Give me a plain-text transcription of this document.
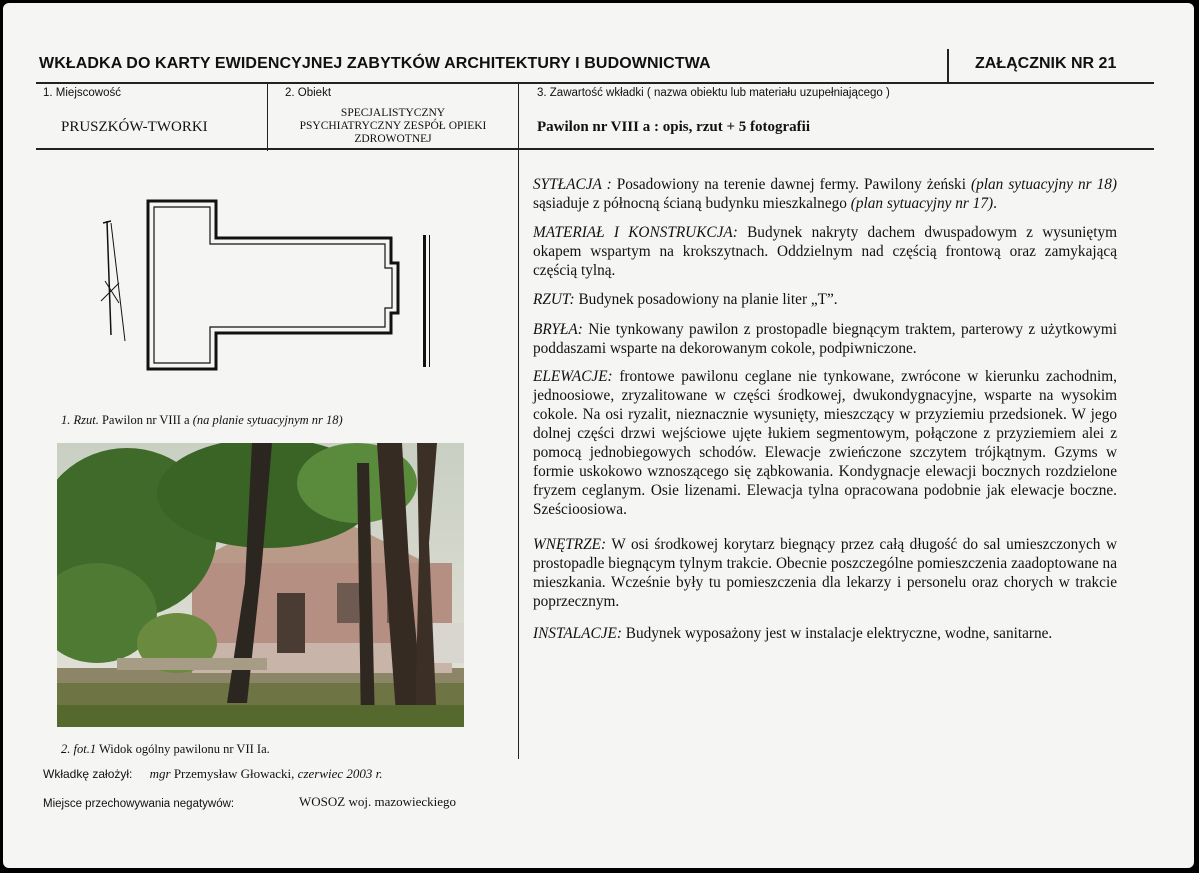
WKŁADKA DO KARTY EWIDENCYJNEJ ZABYTKÓW ARCHITEKTURY I BUDOWNICTWA	ZAŁĄCZNIK NR 21
1. Miejscowość
PRUSZKÓW-TWORKI
2. Obiekt
SPECJALISTYCZNY
PSYCHIATRYCZNY ZESPÓŁ OPIEKI
ZDROWOTNEJ
3. Zawartość wkładki ( nazwa obiektu lub materiału uzupełniającego )
Pawilon nr VIII a : opis, rzut + 5 fotografii
1. Rzut. Pawilon nr VIII a (na planie sytuacyjnym nr 18)
2. fot.1 Widok ogólny pawilonu nr VII Ia.
Wkładkę założył: mgr Przemysław Głowacki, czerwiec 2003 r.
Miejsce przechowywania negatywów:	WOSOZ woj. mazowieckiego
SYTŁACJA : Posadowiony na terenie dawnej fermy. Pawilony żeński (plan sytuacyjny nr 18) sąsiaduje z północną ścianą budynku mieszkalnego (plan sytuacyjny nr 17).
MATERIAŁ I KONSTRUKCJA: Budynek nakryty dachem dwuspadowym z wysuniętym okapem wspartym na krokszytnach. Oddzielnym nad częścią frontową oraz zamykającą częścią tylną.
RZUT: Budynek posadowiony na planie liter „T”.
BRYŁA: Nie tynkowany pawilon z prostopadle biegnącym traktem, parterowy z użytkowymi poddaszami wsparte na dekorowanym cokole, podpiwniczone.
ELEWACJE: frontowe pawilonu ceglane nie tynkowane, zwrócone w kierunku zachodnim, jednoosiowe, zryzalitowane w części środkowej, dwukondygnacyjne, wsparte na wysokim cokole. Na osi ryzalit, nieznacznie wysunięty, mieszczący w przyziemiu przedsionek. W jego dolnej części drzwi wejściowe ujęte łukiem segmentowym, połączone z przyziemiem alei z pomocą jednobiegowych schodów. Elewacje zwieńczone szczytem trójkątnym. Gzyms w formie uskokowo wznoszącego się ząbkowania. Kondygnacje elewacji bocznych rozdzielone fryzem ceglanym. Osie lizenami. Elewacja tylna opracowana podobnie jak elewacje boczne. Sześcioosiowa.
WNĘTRZE: W osi środkowej korytarz biegnący przez całą długość do sal umieszczonych w prostopadle biegnącym tylnym trakcie. Obecnie poszczególne pomieszczenia zaadoptowane na mieszkania. Wcześnie były tu pomieszczenia dla lekarzy i personelu oraz chorych w trakcie poprzecznym.
INSTALACJE: Budynek wyposażony jest w instalacje elektryczne, wodne, sanitarne.
